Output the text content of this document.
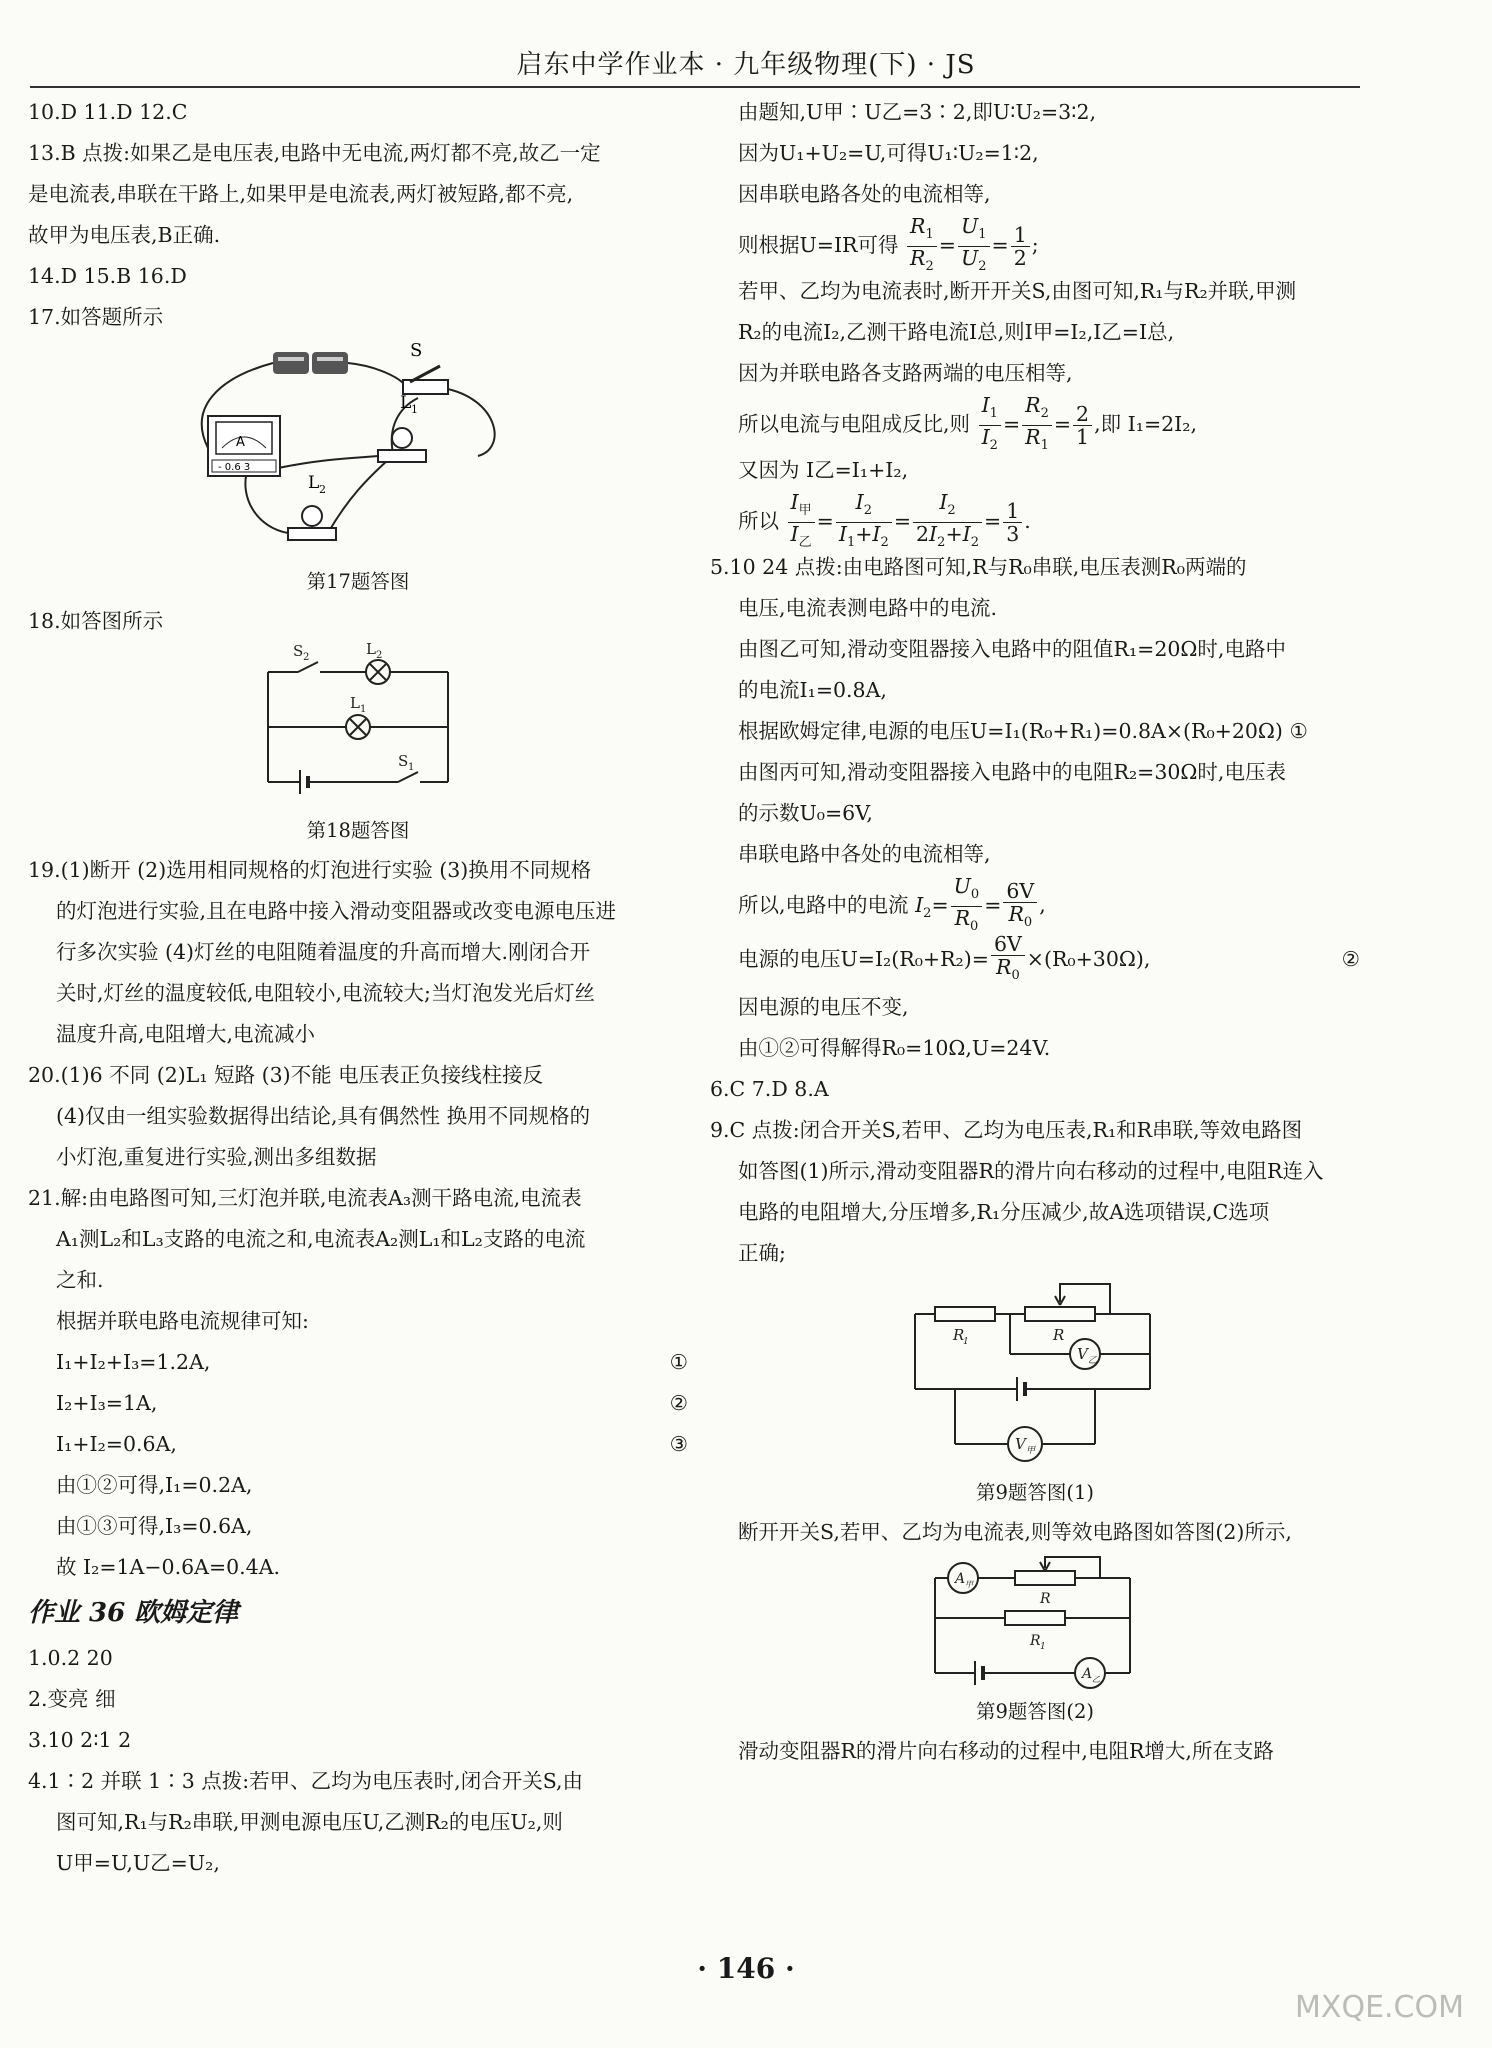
启东中学作业本 · 九年级物理(下) · JS
10.D 11.D 12.C
13.B 点拨:如果乙是电压表,电路中无电流,两灯都不亮,故乙一定
是电流表,串联在干路上,如果甲是电流表,两灯被短路,都不亮,
故甲为电压表,B正确.
14.D 15.B 16.D
17.如答题所示
S
A
- 0.6 3
L 1
L 2
第17题答图
18.如答图所示
S 2	L 2
L 1
S 1
第18题答图
19.(1)断开 (2)选用相同规格的灯泡进行实验 (3)换用不同规格
的灯泡进行实验,且在电路中接入滑动变阻器或改变电源电压进
行多次实验 (4)灯丝的电阻随着温度的升高而增大.刚闭合开
关时,灯丝的温度较低,电阻较小,电流较大;当灯泡发光后灯丝
温度升高,电阻增大,电流减小
20.(1)6 不同 (2)L₁ 短路 (3)不能 电压表正负接线柱接反
(4)仅由一组实验数据得出结论,具有偶然性 换用不同规格的
小灯泡,重复进行实验,测出多组数据
21.解:由电路图可知,三灯泡并联,电流表A₃测干路电流,电流表
A₁测L₂和L₃支路的电流之和,电流表A₂测L₁和L₂支路的电流
之和.
根据并联电路电流规律可知:
I₁+I₂+I₃=1.2A,	①
I₂+I₃=1A,	②
I₁+I₂=0.6A,	③
由①②可得,I₁=0.2A,
由①③可得,I₃=0.6A,
故 I₂=1A−0.6A=0.4A.
作业 36 欧姆定律
1.0.2 20
2.变亮 细
3.10 2∶1 2
4.1∶2 并联 1∶3 点拨:若甲、乙均为电压表时,闭合开关S,由
图可知,R₁与R₂串联,甲测电源电压U,乙测R₂的电压U₂,则
U甲=U,U乙=U₂,
由题知,U甲∶U乙=3∶2,即U∶U₂=3∶2,
因为U₁+U₂=U,可得U₁∶U₂=1∶2,
因串联电路各处的电流相等,
则根据U=IR可得 $\frac{R_1}{R_2} = \frac{U_1}{U_2} = \frac{1}{2}$ ;
若甲、乙均为电流表时,断开开关S,由图可知,R₁与R₂并联,甲测
R₂的电流I₂,乙测干路电流I总,则I甲=I₂,I乙=I总,
因为并联电路各支路两端的电压相等,
所以电流与电阻成反比,则 $\frac{I_1}{I_2} = \frac{R_2}{R_1} = \frac{2}{1}$ ,即 I₁=2I₂,
又因为 I乙=I₁+I₂,
所以 $\frac{I_甲}{I_乙} = \frac{I_2}{I_1+I_2} = \frac{I_2}{2I_2+I_2} = \frac{1}{3}$ .
5.10 24 点拨:由电路图可知,R与R₀串联,电压表测R₀两端的
电压,电流表测电路中的电流.
由图乙可知,滑动变阻器接入电路中的阻值R₁=20Ω时,电路中
的电流I₁=0.8A,
根据欧姆定律,电源的电压U=I₁(R₀+R₁)=0.8A×(R₀+20Ω) ①
由图丙可知,滑动变阻器接入电路中的电阻R₂=30Ω时,电压表
的示数U₀=6V,
串联电路中各处的电流相等,
所以,电路中的电流 $I_2= \frac{U_0}{R_0} = \frac{6V}{R_0}$ ,
电源的电压$U=I_2(R_0+R_2)= \frac{6V}{R_0} \times(R_0+30\Omega)$,	②
因电源的电压不变,
由①②可得解得R₀=10Ω,U=24V.
6.C 7.D 8.A
9.C 点拨:闭合开关S,若甲、乙均为电压表,R₁和R串联,等效电路图
如答图(1)所示,滑动变阻器R的滑片向右移动的过程中,电阻R连入
电路的电阻增大,分压增多,R₁分压减少,故A选项错误,C选项
正确;
R
1	R
V 乙
V 甲
第9题答图(1)
断开开关S,若甲、乙均为电流表,则等效电路图如答图(2)所示,
A 甲
R
R 1
A 乙
第9题答图(2)
滑动变阻器R的滑片向右移动的过程中,电阻R增大,所在支路
· 146 ·
MXQE.COM
